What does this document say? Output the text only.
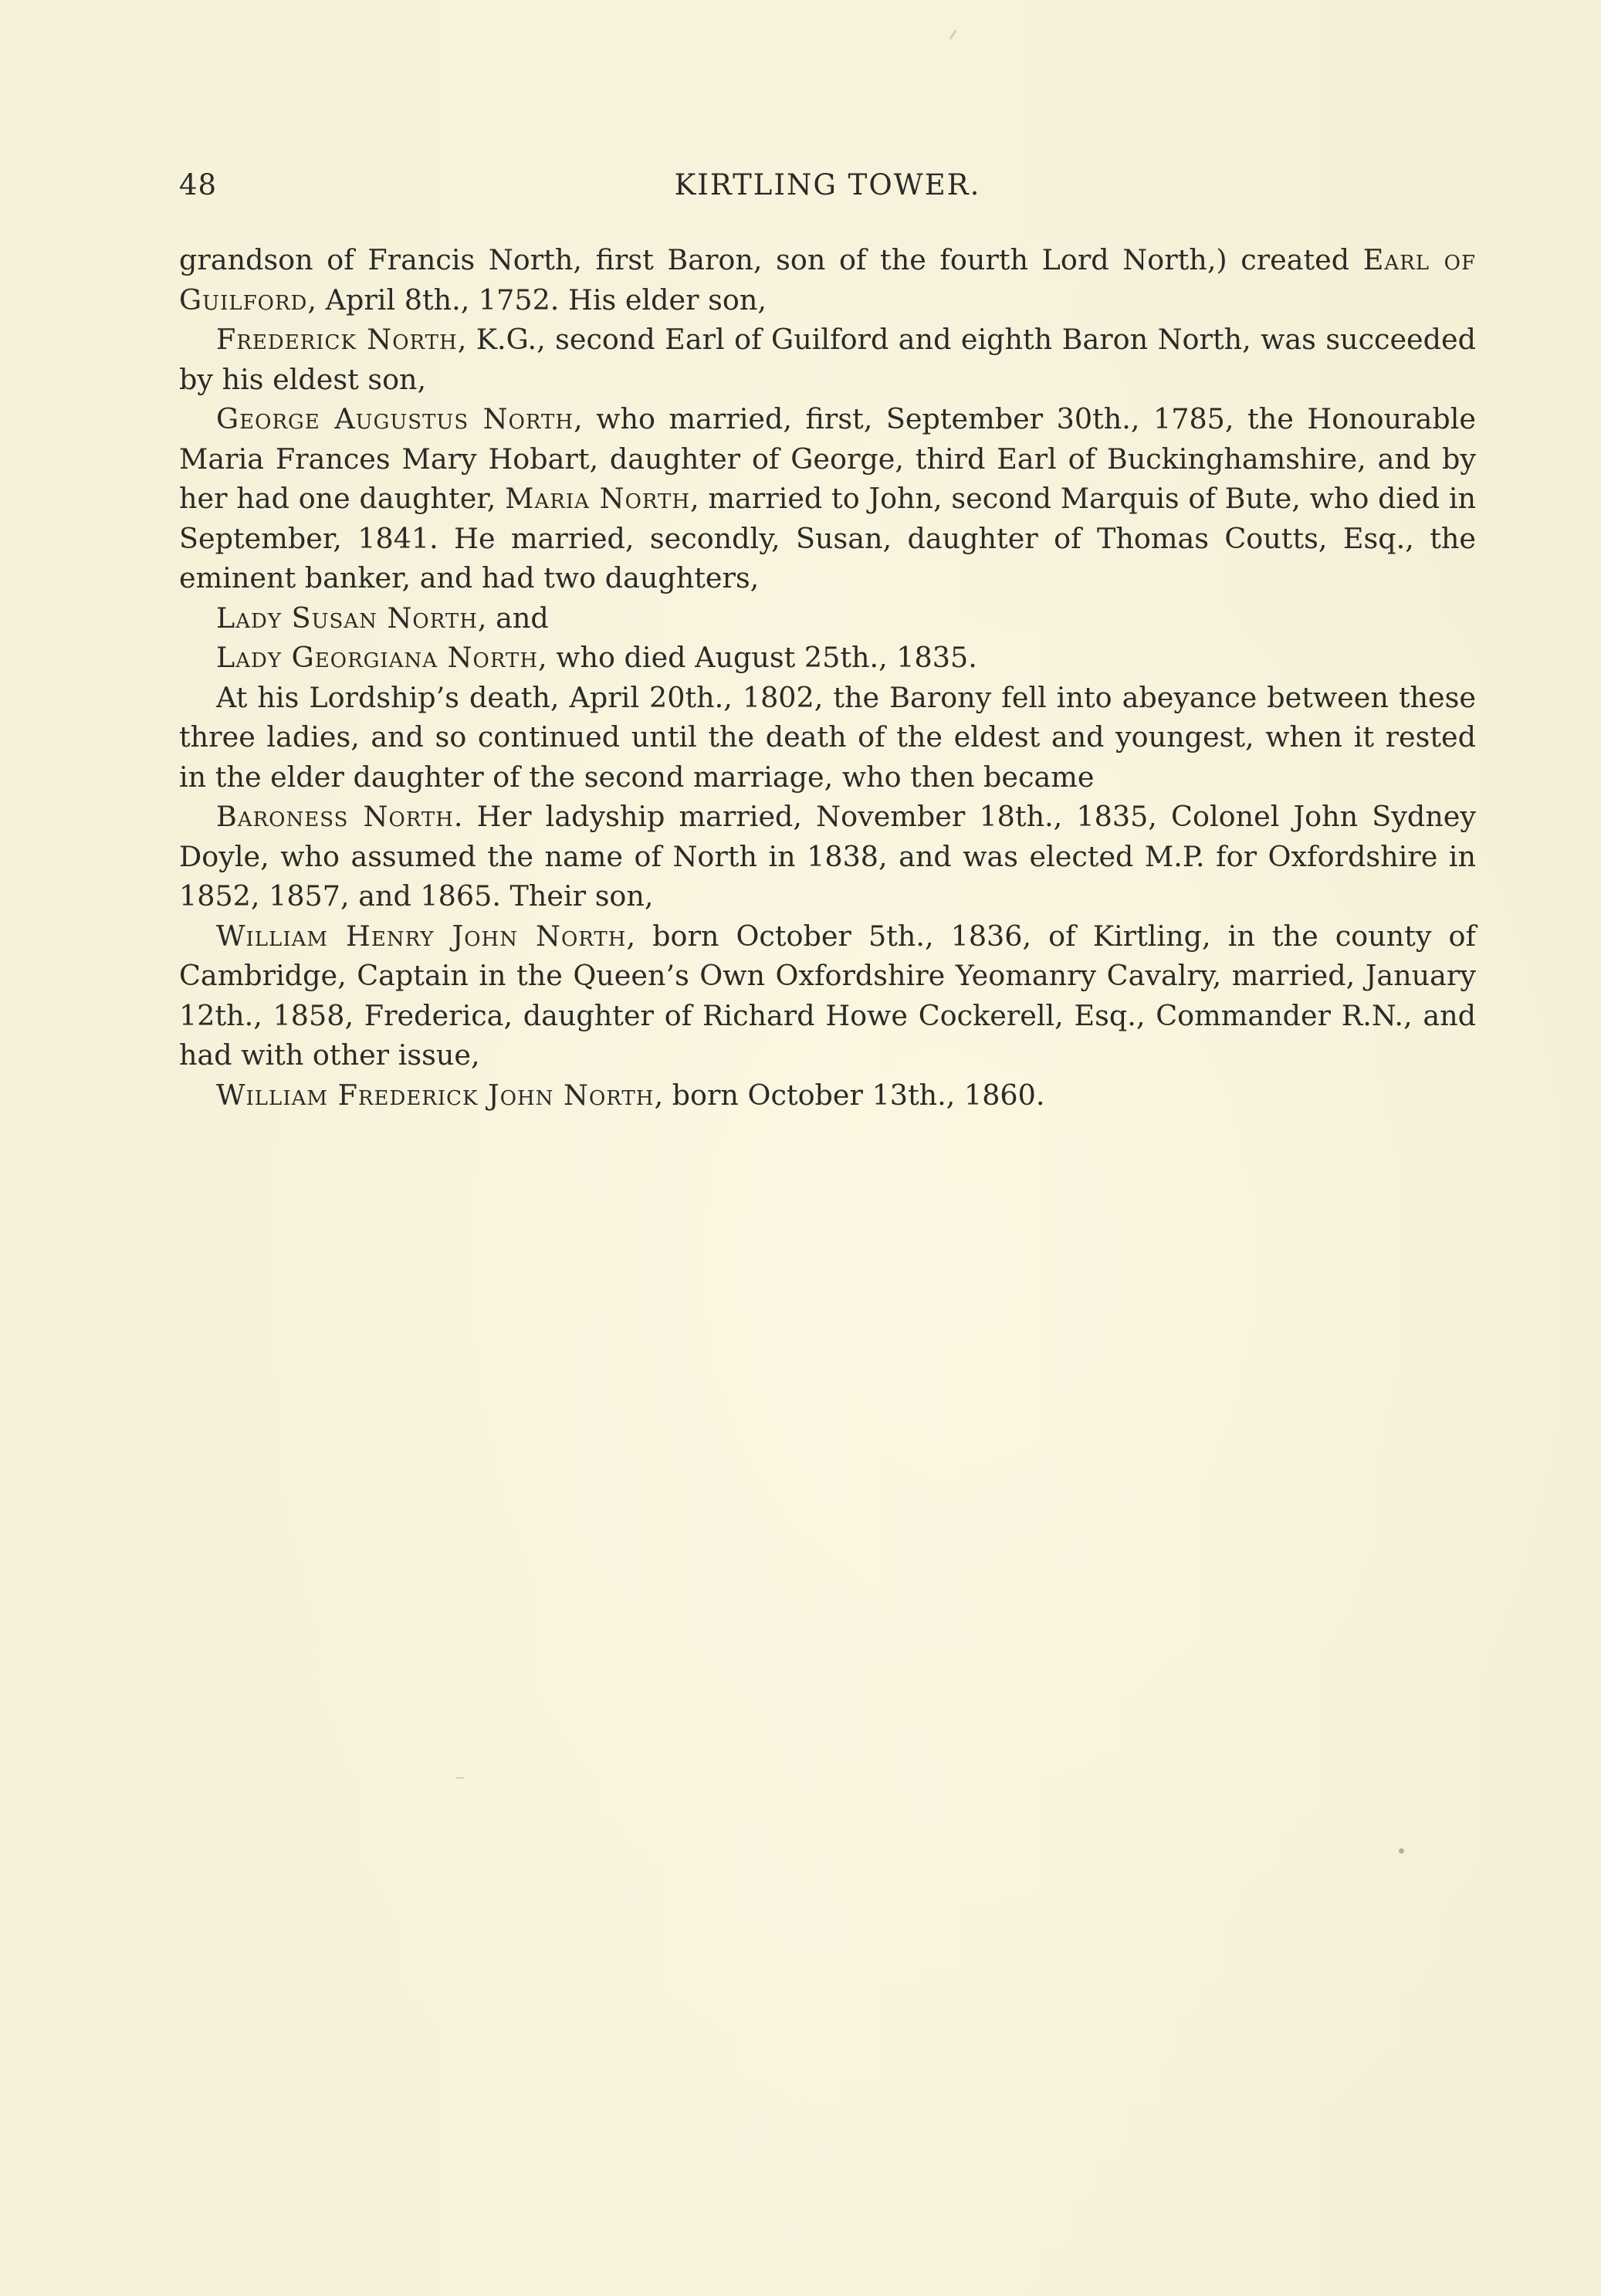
48	KIRTLING TOWER.

grandson of Francis North, first Baron, son of the fourth Lord North,) created Earl of Guilford, April 8th., 1752. His elder son,

Frederick North, K.G., second Earl of Guilford and eighth Baron North, was succeeded by his eldest son,

George Augustus North, who married, first, September 30th., 1785, the Honourable Maria Frances Mary Hobart, daughter of George, third Earl of Buckinghamshire, and by her had one daughter, Maria North, married to John, second Marquis of Bute, who died in September, 1841. He married, secondly, Susan, daughter of Thomas Coutts, Esq., the eminent banker, and had two daughters,

Lady Susan North, and

Lady Georgiana North, who died August 25th., 1835.

At his Lordship’s death, April 20th., 1802, the Barony fell into abeyance between these three ladies, and so continued until the death of the eldest and youngest, when it rested in the elder daughter of the second marriage, who then became

Baroness North. Her ladyship married, November 18th., 1835, Colonel John Sydney Doyle, who assumed the name of North in 1838, and was elected M.P. for Oxfordshire in 1852, 1857, and 1865. Their son,

William Henry John North, born October 5th., 1836, of Kirtling, in the county of Cambridge, Captain in the Queen’s Own Oxfordshire Yeomanry Cavalry, married, January 12th., 1858, Frederica, daughter of Richard Howe Cockerell, Esq., Commander R.N., and had with other issue,

William Frederick John North, born October 13th., 1860.
